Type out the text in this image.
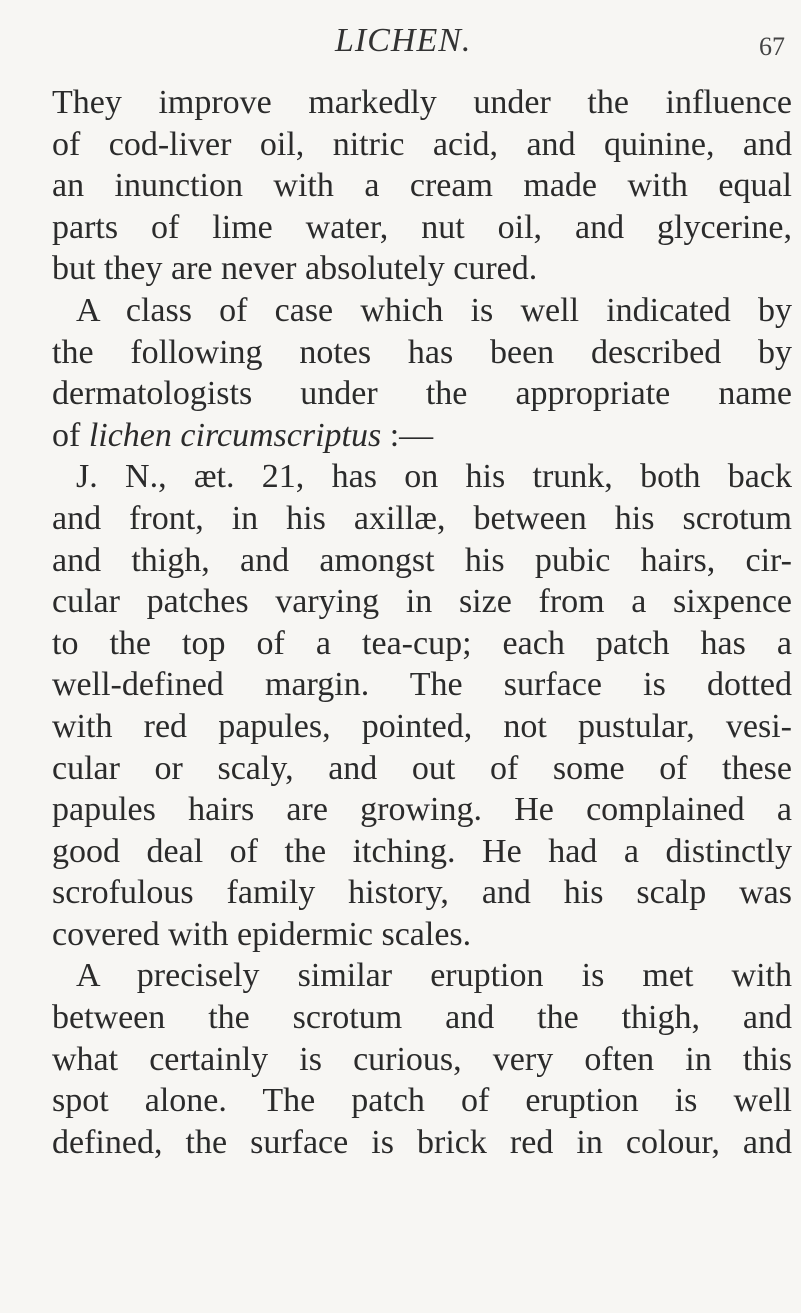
LICHEN.	67
They improve markedly under the influence
of cod-liver oil, nitric acid, and quinine, and
an inunction with a cream made with equal
parts of lime water, nut oil, and glycerine,
but they are never absolutely cured.
A class of case which is well indicated by
the following notes has been described by
dermatologists under the appropriate name
of lichen circumscriptus :—
J. N., æt. 21, has on his trunk, both back
and front, in his axillæ, between his scrotum
and thigh, and amongst his pubic hairs, cir-
cular patches varying in size from a sixpence
to the top of a tea-cup; each patch has a
well-defined margin. The surface is dotted
with red papules, pointed, not pustular, vesi-
cular or scaly, and out of some of these
papules hairs are growing. He complained a
good deal of the itching. He had a distinctly
scrofulous family history, and his scalp was
covered with epidermic scales.
A precisely similar eruption is met with
between the scrotum and the thigh, and
what certainly is curious, very often in this
spot alone. The patch of eruption is well
defined, the surface is brick red in colour, and
